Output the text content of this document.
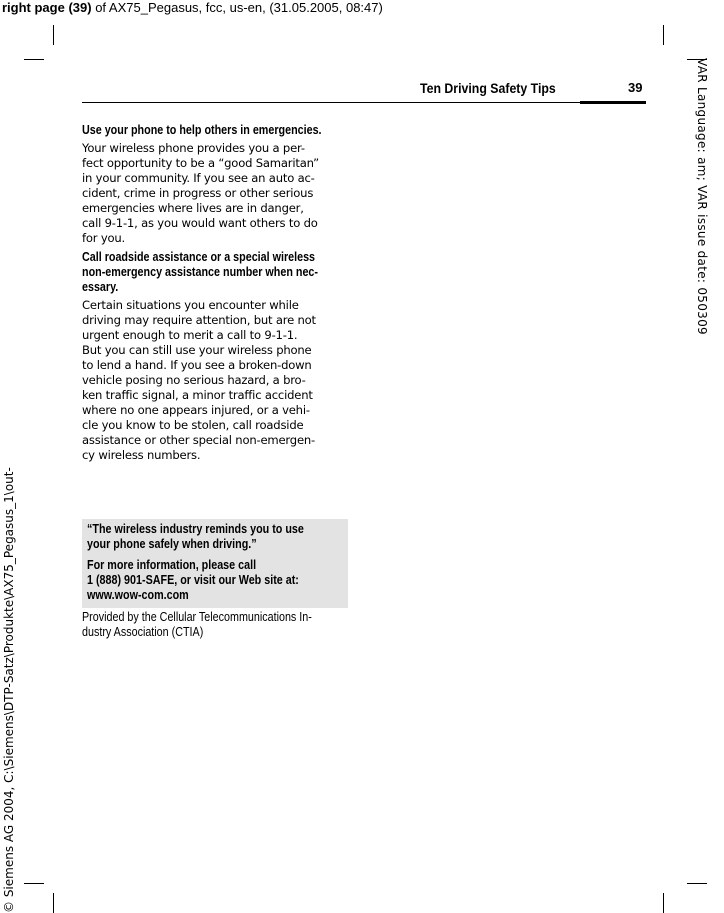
right page (39) of AX75_Pegasus, fcc, us-en, (31.05.2005, 08:47)
Ten Driving Safety Tips	39

Use your phone to help others in emergencies.

Your wireless phone provides you a per-
fect opportunity to be a “good Samaritan”
in your community. If you see an auto ac-
cident, crime in progress or other serious
emergencies where lives are in danger,
call 9-1-1, as you would want others to do
for you.

Call roadside assistance or a special wireless
non-emergency assistance number when nec-
essary.

Certain situations you encounter while
driving may require attention, but are not
urgent enough to merit a call to 9-1-1.
But you can still use your wireless phone
to lend a hand. If you see a broken-down
vehicle posing no serious hazard, a bro-
ken traffic signal, a minor traffic accident
where no one appears injured, or a vehi-
cle you know to be stolen, call roadside
assistance or other special non-emergen-
cy wireless numbers.

“The wireless industry reminds you to use
your phone safely when driving.”

For more information, please call
1 (888) 901-SAFE, or visit our Web site at:
www.wow-com.com

Provided by the Cellular Telecommunications In-
dustry Association (CTIA)

VAR Language: am; VAR issue date: 050309
© Siemens AG 2004, C:\Siemens\DTP-Satz\Produkte\AX75_Pegasus_1\out-
